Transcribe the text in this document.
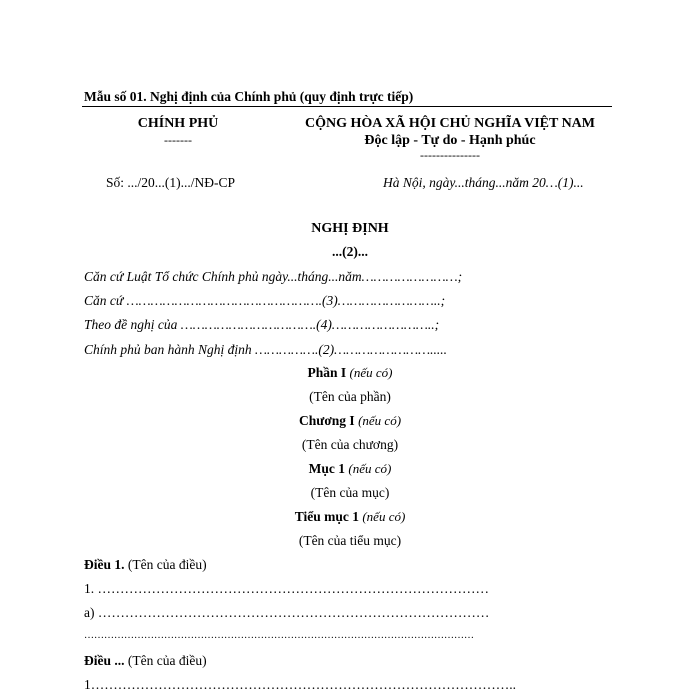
Mẫu số 01. Nghị định của Chính phủ (quy định trực tiếp)
CHÍNH PHỦ
-------
CỘNG HÒA XÃ HỘI CHỦ NGHĨA VIỆT NAM
Độc lập - Tự do - Hạnh phúc
---------------
Số: .../20...(1).../NĐ-CP	Hà Nội, ngày...tháng...năm 20…(1)...
NGHỊ ĐỊNH
...(2)...
Căn cứ Luật Tổ chức Chính phủ ngày...tháng...năm……………………;
Căn cứ ………………………………………….(3)……………………..;
Theo đề nghị của …………………………….(4)……………………..;
Chính phủ ban hành Nghị định …………….(2)…………………….....
Phần I (nếu có)
(Tên của phần)
Chương I (nếu có)
(Tên của chương)
Mục 1 (nếu có)
(Tên của mục)
Tiểu mục 1 (nếu có)
(Tên của tiểu mục)
Điều 1. (Tên của điều)
1. ……………………………………………………………………………
a) ……………………………………………………………………………
………………………………………………………………………………………………………
Điều ... (Tên của điều)
1…………………………………………………………………………………..
